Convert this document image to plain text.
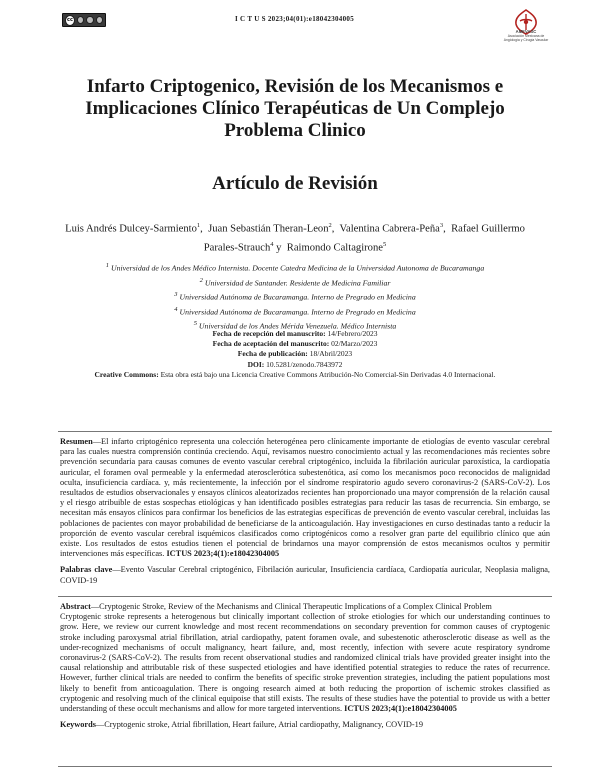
cc	I C T U S 2023;04(01):e18042304005
AMEVASC
Asociación Mexicana de Angiología y Cirugía Vascular
Infarto Criptogenico, Revisión de los Mecanismos e Implicaciones Clínico Terapéuticas de Un Complejo Problema Clinico
Artículo de Revisión
Luis Andrés Dulcey-Sarmiento$^1$,  Juan Sebastián Theran-Leon$^2$,  Valentina Cabrera-Peña$^3$,  Rafael Guillermo Parales-Strauch$^4$ y  Raimondo Caltagirone$^5$
$^1$ Universidad de los Andes Médico Internista. Docente Catedra Medicina de la Universidad Autonoma de Bucaramanga
$^2$ Universidad de Santander. Residente de Medicina Familiar
$^3$ Universidad Autónoma de Bucaramanga. Interno de Pregrado en Medicina
$^4$ Universidad Autónoma de Bucaramanga. Interno de Pregrado en Medicina
$^5$ Universidad de los Andes Mérida Venezuela. Médico Internista
Fecha de recepción del manuscrito: 14/Febrero/2023
Fecha de aceptación del manuscrito: 02/Marzo/2023
Fecha de publicación: 18/Abril/2023
DOI: 10.5281/zenodo.7843972
Creative Commons: Esta obra está bajo una Licencia Creative Commons Atribución-No Comercial-Sin Derivadas 4.0 Internacional.

Resumen—El infarto criptogénico representa una colección heterogénea pero clínicamente importante de etiologías de evento vascular cerebral para las cuales nuestra comprensión continúa creciendo. Aquí, revisamos nuestro conocimiento actual y las recomendaciones más recientes sobre prevención secundaria para causas comunes de evento vascular cerebral criptogénico, incluida la fibrilación auricular paroxística, la cardiopatía auricular, el foramen oval permeable y la enfermedad aterosclerótica subestenótica, así como los mecanismos poco reconocidos de malignidad oculta, insuficiencia cardíaca. y, más recientemente, la infección por el síndrome respiratorio agudo severo coronavirus-2 (SARS-CoV-2). Los resultados de estudios observacionales y ensayos clínicos aleatorizados recientes han proporcionado una mayor comprensión de la relación causal y el riesgo atribuible de estas sospechas etiológicas y han identificado posibles estrategias para reducir las tasas de recurrencia. Sin embargo, se necesitan más ensayos clínicos para confirmar los beneficios de las estrategias específicas de prevención de evento vascular cerebral, incluidas las poblaciones de pacientes con mayor probabilidad de beneficiarse de la anticoagulación. Hay investigaciones en curso destinadas tanto a reducir la proporción de evento vascular cerebral isquémicos clasificados como criptogénicos como a resolver gran parte del equilibrio clínico que aún existe. Los resultados de estos estudios tienen el potencial de brindarnos una mayor comprensión de estos mecanismos ocultos y permitir intervenciones más específicas. ICTUS 2023;4(1):e18042304005

Palabras clave—Evento Vascular Cerebral criptogénico, Fibrilación auricular, Insuficiencia cardíaca, Cardiopatía auricular, Neoplasia maligna, COVID-19

Abstract—Cryptogenic Stroke, Review of the Mechanisms and Clinical Therapeutic Implications of a Complex Clinical Problem
Cryptogenic stroke represents a heterogenous but clinically important collection of stroke etiologies for which our understanding continues to grow. Here, we review our current knowledge and most recent recommendations on secondary prevention for common causes of cryptogenic stroke including paroxysmal atrial fibrillation, atrial cardiopathy, patent foramen ovale, and subestenotic atherosclerotic disease as well as the under-recognized mechanisms of occult malignancy, heart failure, and, most recently, infection with severe acute respiratory syndrome coronavirus-2 (SARS-CoV-2). The results from recent observational studies and randomized clinical trials have provided greater insight into the causal relationship and attributable risk of these suspected etiologies and have identified potential strategies to reduce the rates of recurrence. However, further clinical trials are needed to confirm the benefits of specific stroke prevention strategies, including the patient populations most likely to benefit from anticoagulation. There is ongoing research aimed at both reducing the proportion of ischemic strokes classified as cryptogenic and resolving much of the clinical equipoise that still exists. The results of these studies have the potential to provide us with a better understanding of these occult mechanisms and allow for more targeted interventions. ICTUS 2023;4(1):e18042304005

Keywords—Cryptogenic stroke, Atrial fibrillation, Heart failure, Atrial cardiopathy, Malignancy, COVID-19
